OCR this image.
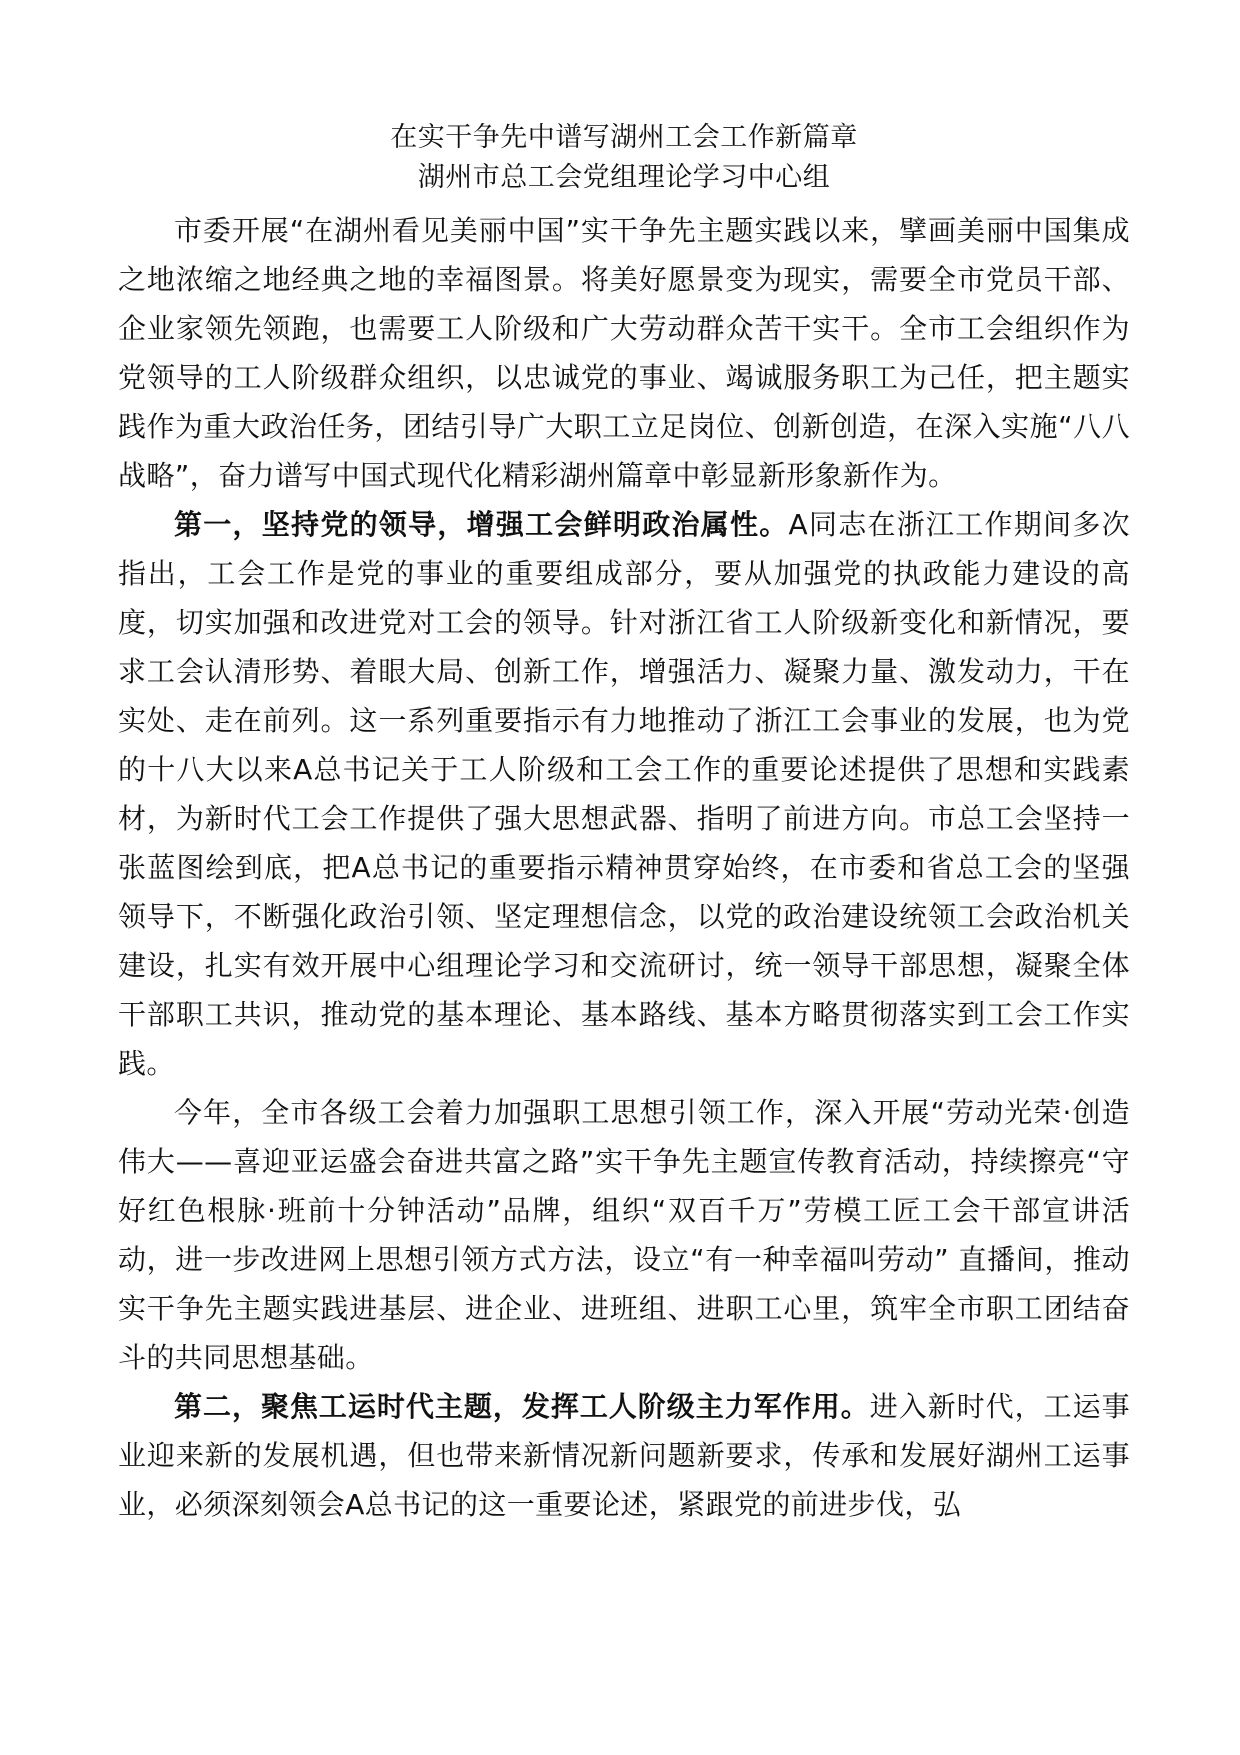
在实干争先中谱写湖州工会工作新篇章
湖州市总工会党组理论学习中心组

市委开展“在湖州看见美丽中国”实干争先主题实践以来，擘画美丽中国集成之地浓缩之地经典之地的幸福图景。将美好愿景变为现实，需要全市党员干部、企业家领先领跑，也需要工人阶级和广大劳动群众苦干实干。全市工会组织作为党领导的工人阶级群众组织，以忠诚党的事业、竭诚服务职工为己任，把主题实践作为重大政治任务，团结引导广大职工立足岗位、创新创造，在深入实施“八八战略”，奋力谱写中国式现代化精彩湖州篇章中彰显新形象新作为。

第一，坚持党的领导，增强工会鲜明政治属性。A同志在浙江工作期间多次指出，工会工作是党的事业的重要组成部分，要从加强党的执政能力建设的高度，切实加强和改进党对工会的领导。针对浙江省工人阶级新变化和新情况，要求工会认清形势、着眼大局、创新工作，增强活力、凝聚力量、激发动力，干在实处、走在前列。这一系列重要指示有力地推动了浙江工会事业的发展，也为党的十八大以来A总书记关于工人阶级和工会工作的重要论述提供了思想和实践素材，为新时代工会工作提供了强大思想武器、指明了前进方向。市总工会坚持一张蓝图绘到底，把A总书记的重要指示精神贯穿始终，在市委和省总工会的坚强领导下，不断强化政治引领、坚定理想信念，以党的政治建设统领工会政治机关建设，扎实有效开展中心组理论学习和交流研讨，统一领导干部思想，凝聚全体干部职工共识，推动党的基本理论、基本路线、基本方略贯彻落实到工会工作实践。

今年，全市各级工会着力加强职工思想引领工作，深入开展“劳动光荣·创造伟大——喜迎亚运盛会奋进共富之路”实干争先主题宣传教育活动，持续擦亮“守好红色根脉·班前十分钟活动”品牌，组织“双百千万”劳模工匠工会干部宣讲活动，进一步改进网上思想引领方式方法，设立“有一种幸福叫劳动” 直播间，推动实干争先主题实践进基层、进企业、进班组、进职工心里，筑牢全市职工团结奋斗的共同思想基础。

第二，聚焦工运时代主题，发挥工人阶级主力军作用。进入新时代，工运事业迎来新的发展机遇，但也带来新情况新问题新要求，传承和发展好湖州工运事业，必须深刻领会A总书记的这一重要论述，紧跟党的前进步伐，弘
